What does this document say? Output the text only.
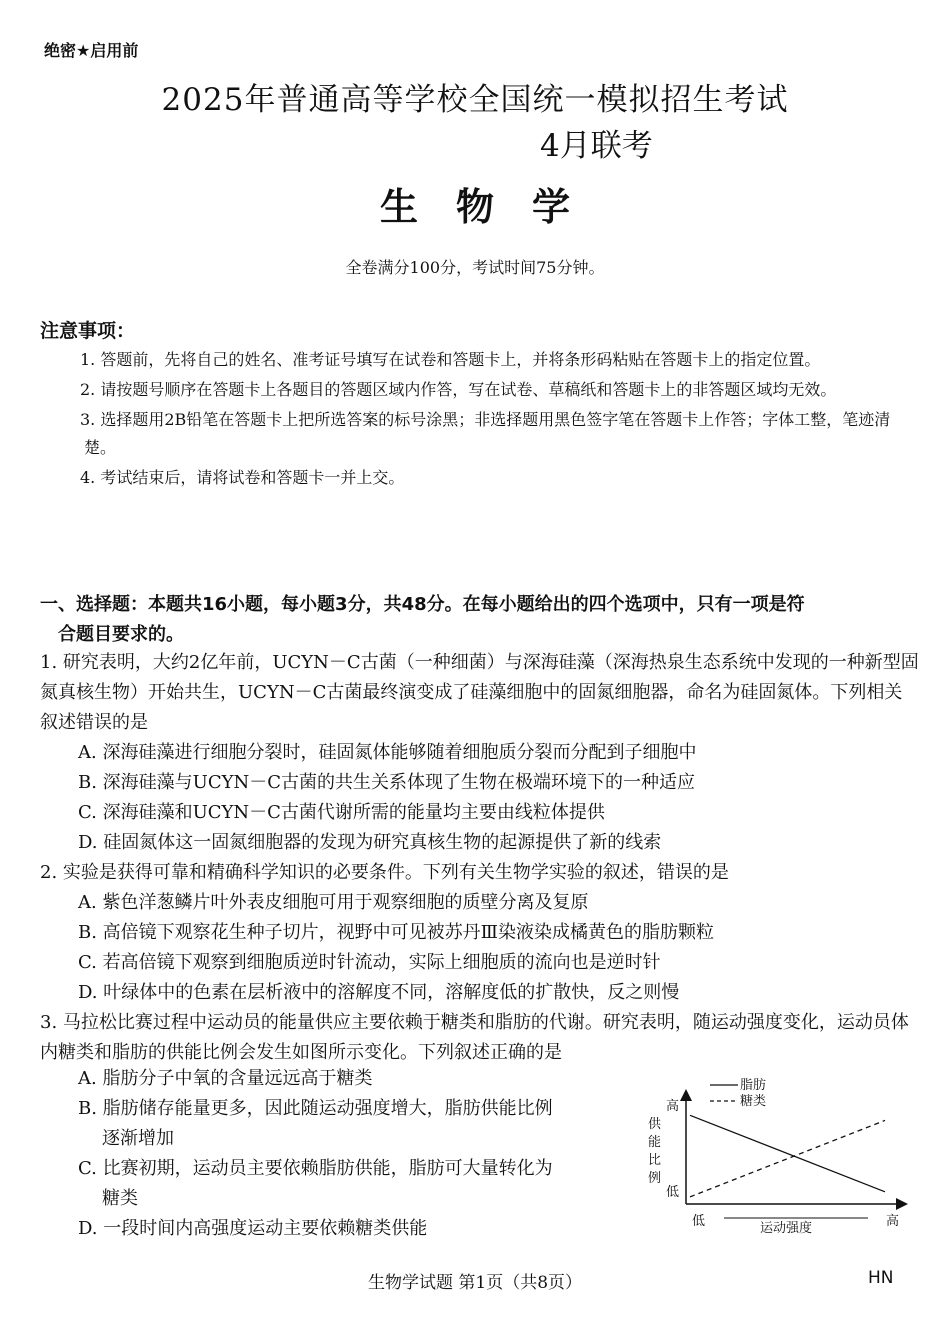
绝密★启用前
2025年普通高等学校全国统一模拟招生考试
4月联考
生物学
全卷满分100分，考试时间75分钟。
注意事项：

1. 答题前，先将自己的姓名、准考证号填写在试卷和答题卡上，并将条形码粘贴在答题卡上的指定位置。

2. 请按题号顺序在答题卡上各题目的答题区域内作答，写在试卷、草稿纸和答题卡上的非答题区域均无效。

3. 选择题用2B铅笔在答题卡上把所选答案的标号涂黑；非选择题用黑色签字笔在答题卡上作答；字体工整，笔迹清楚。

4. 考试结束后，请将试卷和答题卡一并上交。

一、选择题：本题共16小题，每小题3分，共48分。在每小题给出的四个选项中，只有一项是符
合题目要求的。

1. 研究表明，大约2亿年前，UCYN－C古菌（一种细菌）与深海硅藻（深海热泉生态系统中发现的一种新型固氮真核生物）开始共生，UCYN－C古菌最终演变成了硅藻细胞中的固氮细胞器，命名为硅固氮体。下列相关叙述错误的是

A. 深海硅藻进行细胞分裂时，硅固氮体能够随着细胞质分裂而分配到子细胞中

B. 深海硅藻与UCYN－C古菌的共生关系体现了生物在极端环境下的一种适应

C. 深海硅藻和UCYN－C古菌代谢所需的能量均主要由线粒体提供

D. 硅固氮体这一固氮细胞器的发现为研究真核生物的起源提供了新的线索

2. 实验是获得可靠和精确科学知识的必要条件。下列有关生物学实验的叙述，错误的是

A. 紫色洋葱鳞片叶外表皮细胞可用于观察细胞的质壁分离及复原

B. 高倍镜下观察花生种子切片，视野中可见被苏丹Ⅲ染液染成橘黄色的脂肪颗粒

C. 若高倍镜下观察到细胞质逆时针流动，实际上细胞质的流向也是逆时针

D. 叶绿体中的色素在层析液中的溶解度不同，溶解度低的扩散快，反之则慢

3. 马拉松比赛过程中运动员的能量供应主要依赖于糖类和脂肪的代谢。研究表明，随运动强度变化，运动员体内糖类和脂肪的供能比例会发生如图所示变化。下列叙述正确的是

A. 脂肪分子中氧的含量远远高于糖类

B. 脂肪储存能量更多，因此随运动强度增大，脂肪供能比例

逐渐增加

C. 比赛初期，运动员主要依赖脂肪供能，脂肪可大量转化为

糖类

D. 一段时间内高强度运动主要依赖糖类供能

高
低
供
能
比
例
低	高
运动强度
脂肪
糖类
生物学试题 第1页（共8页）	HN
